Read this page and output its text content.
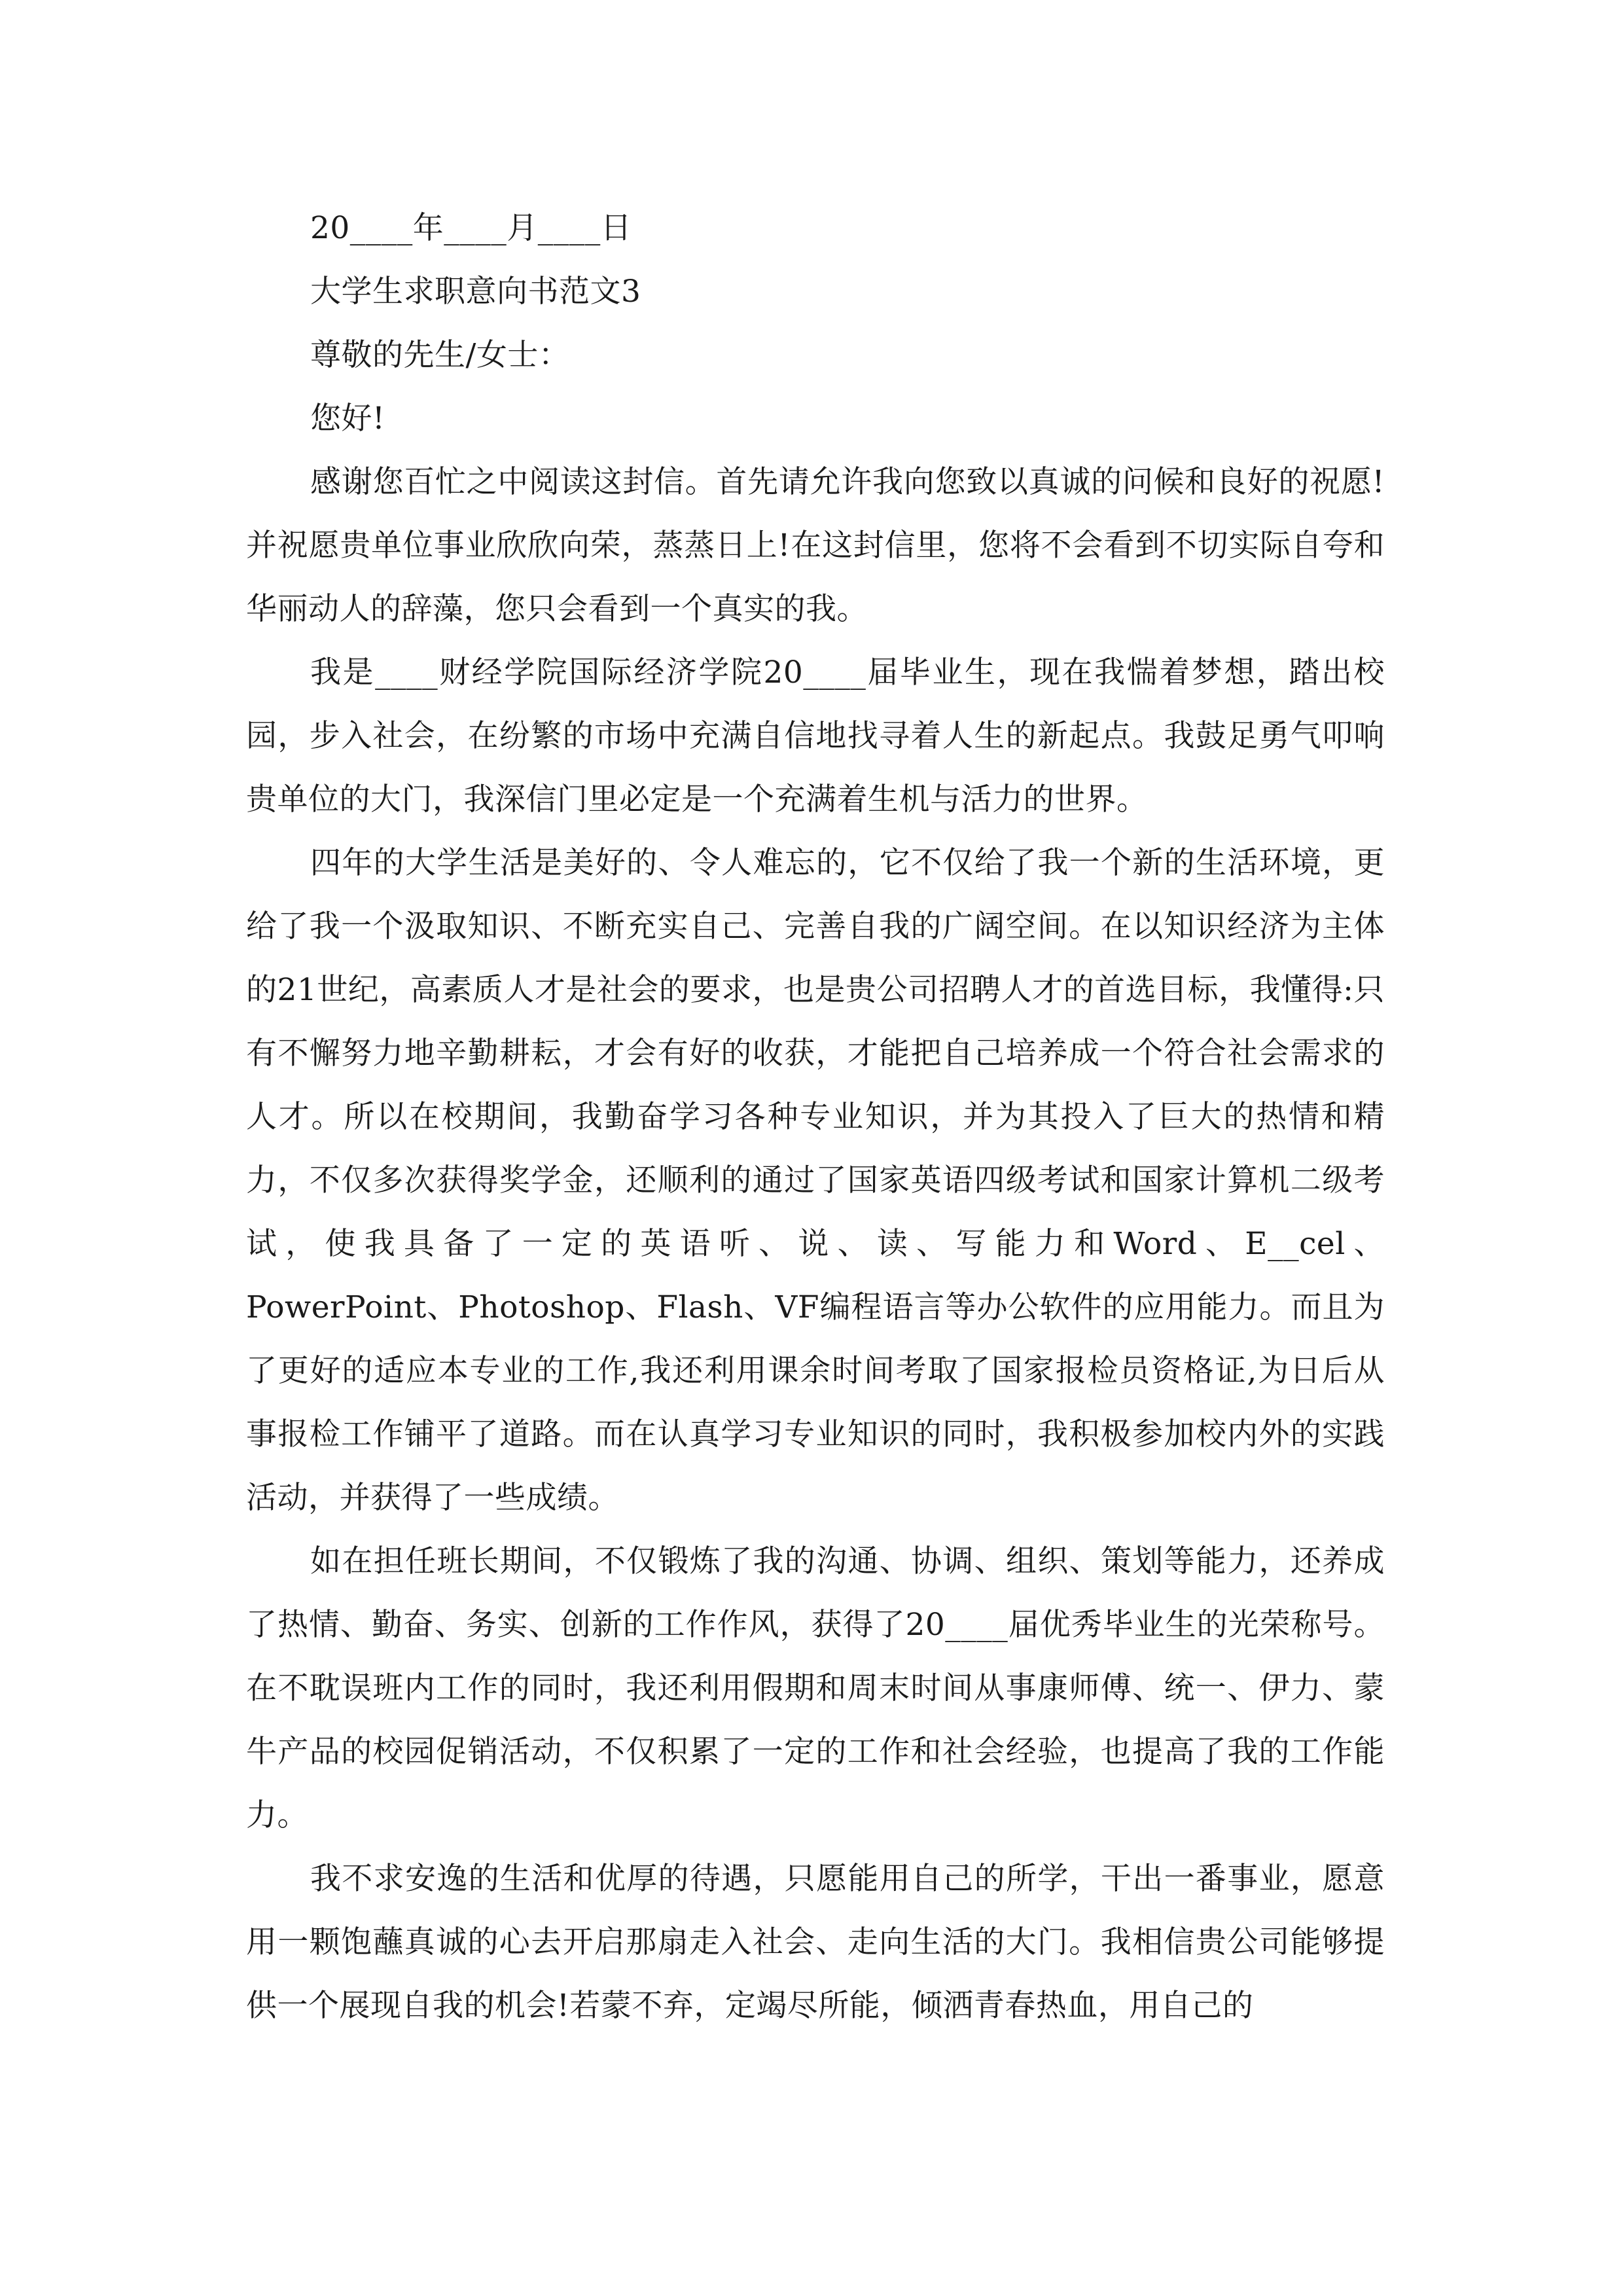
20____年____月____日

大学生求职意向书范文3

尊敬的先生/女士：

您好!

感谢您百忙之中阅读这封信。首先请允许我向您致以真诚的问候和良好的祝愿!并祝愿贵单位事业欣欣向荣，蒸蒸日上!在这封信里，您将不会看到不切实际自夸和华丽动人的辞藻，您只会看到一个真实的我。

我是____财经学院国际经济学院20____届毕业生，现在我惴着梦想，踏出校园，步入社会，在纷繁的市场中充满自信地找寻着人生的新起点。我鼓足勇气叩响贵单位的大门，我深信门里必定是一个充满着生机与活力的世界。

四年的大学生活是美好的、令人难忘的，它不仅给了我一个新的生活环境，更给了我一个汲取知识、不断充实自己、完善自我的广阔空间。在以知识经济为主体的21世纪，高素质人才是社会的要求，也是贵公司招聘人才的首选目标，我懂得:只有不懈努力地辛勤耕耘，才会有好的收获，才能把自己培养成一个符合社会需求的人才。所以在校期间，我勤奋学习各种专业知识，并为其投入了巨大的热情和精力，不仅多次获得奖学金，还顺利的通过了国家英语四级考试和国家计算机二级考试，使我具备了一定的英语听、说、读、写能力和Word、E__cel、PowerPoint、Photoshop、Flash、VF编程语言等办公软件的应用能力。而且为了更好的适应本专业的工作,我还利用课余时间考取了国家报检员资格证,为日后从事报检工作铺平了道路。而在认真学习专业知识的同时，我积极参加校内外的实践活动，并获得了一些成绩。

如在担任班长期间，不仅锻炼了我的沟通、协调、组织、策划等能力，还养成了热情、勤奋、务实、创新的工作作风，获得了20____届优秀毕业生的光荣称号。在不耽误班内工作的同时，我还利用假期和周末时间从事康师傅、统一、伊力、蒙牛产品的校园促销活动，不仅积累了一定的工作和社会经验，也提高了我的工作能力。

我不求安逸的生活和优厚的待遇，只愿能用自己的所学，干出一番事业，愿意用一颗饱蘸真诚的心去开启那扇走入社会、走向生活的大门。我相信贵公司能够提供一个展现自我的机会!若蒙不弃，定竭尽所能，倾洒青春热血，用自己的
